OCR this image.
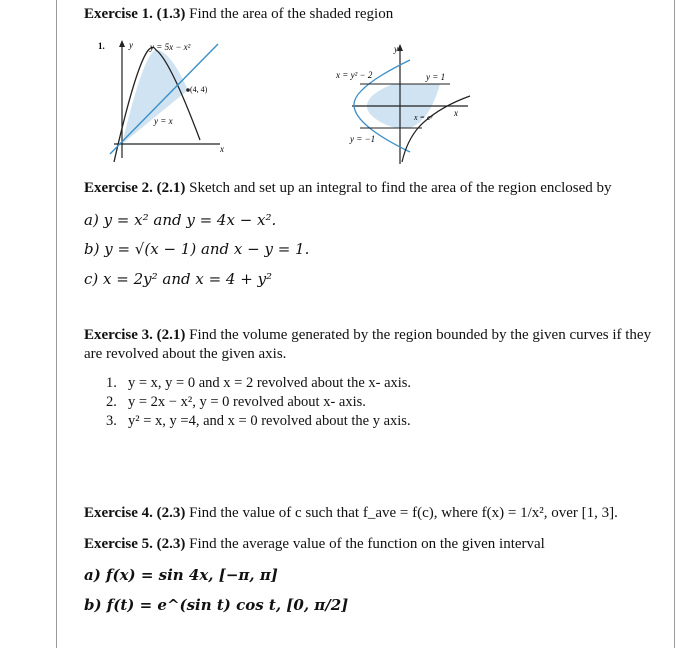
Exercise 1. (1.3) Find the area of the shaded region
1.	y
x
y = 5x − x²
(4, 4)
y = x
y
x
x = y² − 2	y = 1
x = eʸ
y = −1
Exercise 2. (2.1) Sketch and set up an integral to find the area of the region enclosed by
a) y = x² and y = 4x − x².
b) y = √(x − 1) and x − y = 1.
c) x = 2y² and x = 4 + y²
Exercise 3. (2.1) Find the volume generated by the region bounded by the given curves if they
are revolved about the given axis.
1. y = x, y = 0 and x = 2 revolved about the x- axis.
2. y = 2x − x², y = 0 revolved about x- axis.
3. y² = x, y =4, and x = 0 revolved about the y axis.
Exercise 4. (2.3) Find the value of c such that f_ave = f(c), where f(x) = 1/x², over [1, 3].
Exercise 5. (2.3) Find the average value of the function on the given interval
a) f(x) = sin 4x, [−π, π]
b) f(t) = e^(sin t) cos t, [0, π/2]
